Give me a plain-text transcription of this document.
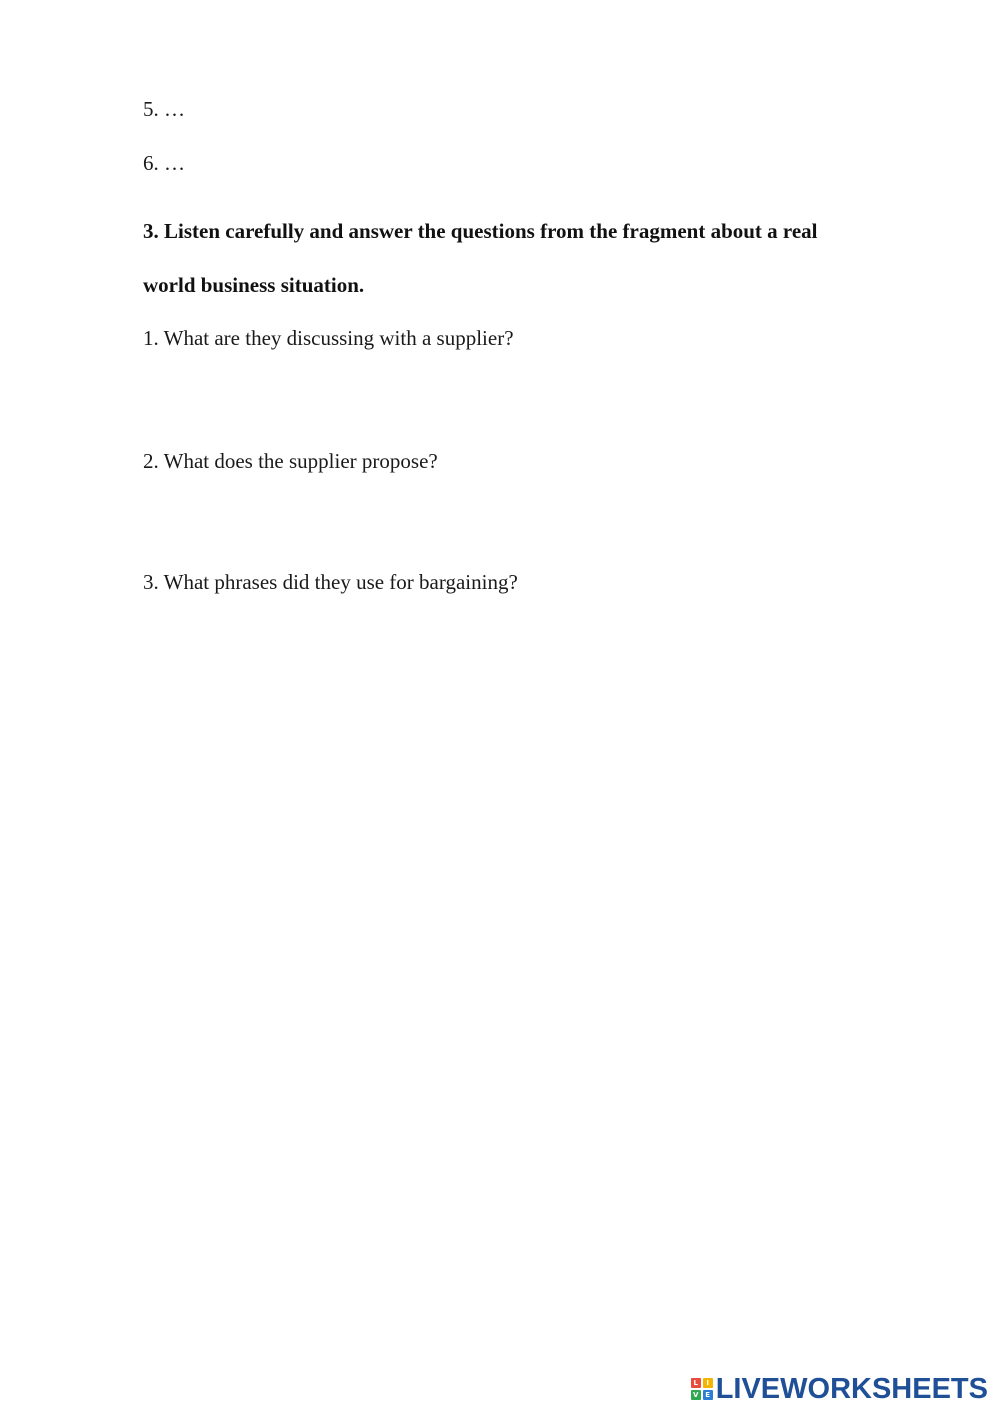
5. …
6. …
3. Listen carefully and answer the questions from the fragment about a real
world business situation.
1. What are they discussing with a supplier?
2. What does the supplier propose?
3. What phrases did they use for bargaining?
L	I
V E LIVEWORKSHEETS
